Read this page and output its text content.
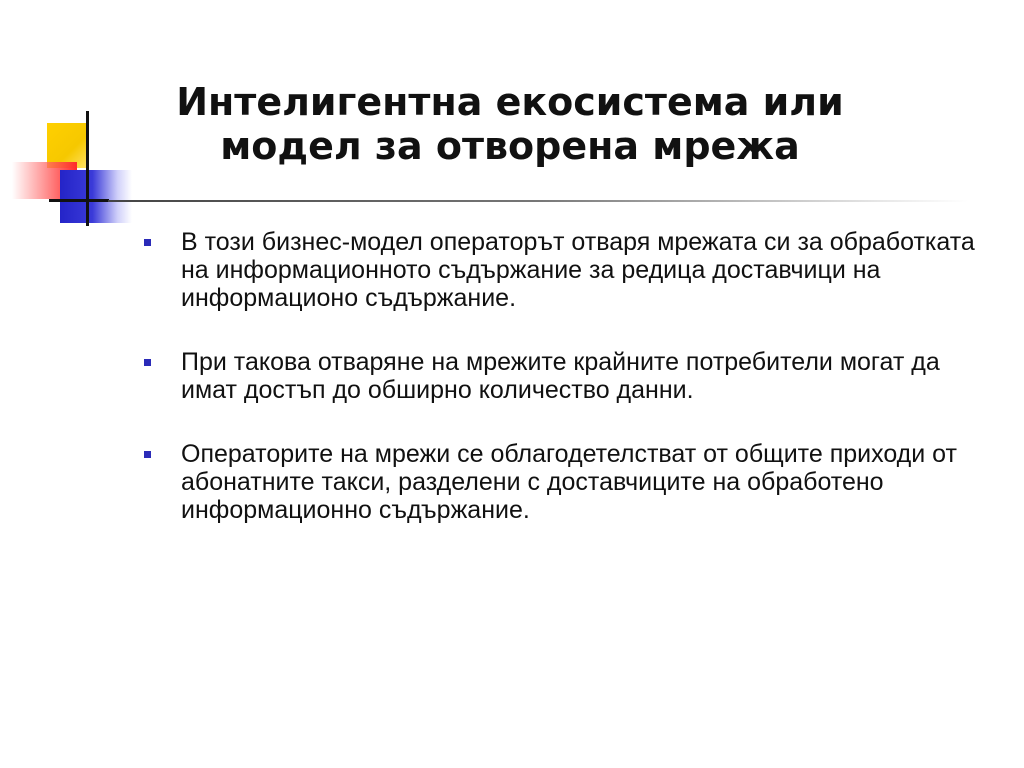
Интелигентна екосистема или
модел за отворена мрежа
В този бизнес-модел операторът отваря мрежата си за обработката на информационното съдържание за редица доставчици на информационо съдържание.
При такова отваряне на мрежите крайните потребители могат да имат достъп до обширно количество данни.
Операторите на мрежи се облагодетелстват от общите приходи от абонатните такси, разделени с доставчиците на обработено информационно съдържание.
